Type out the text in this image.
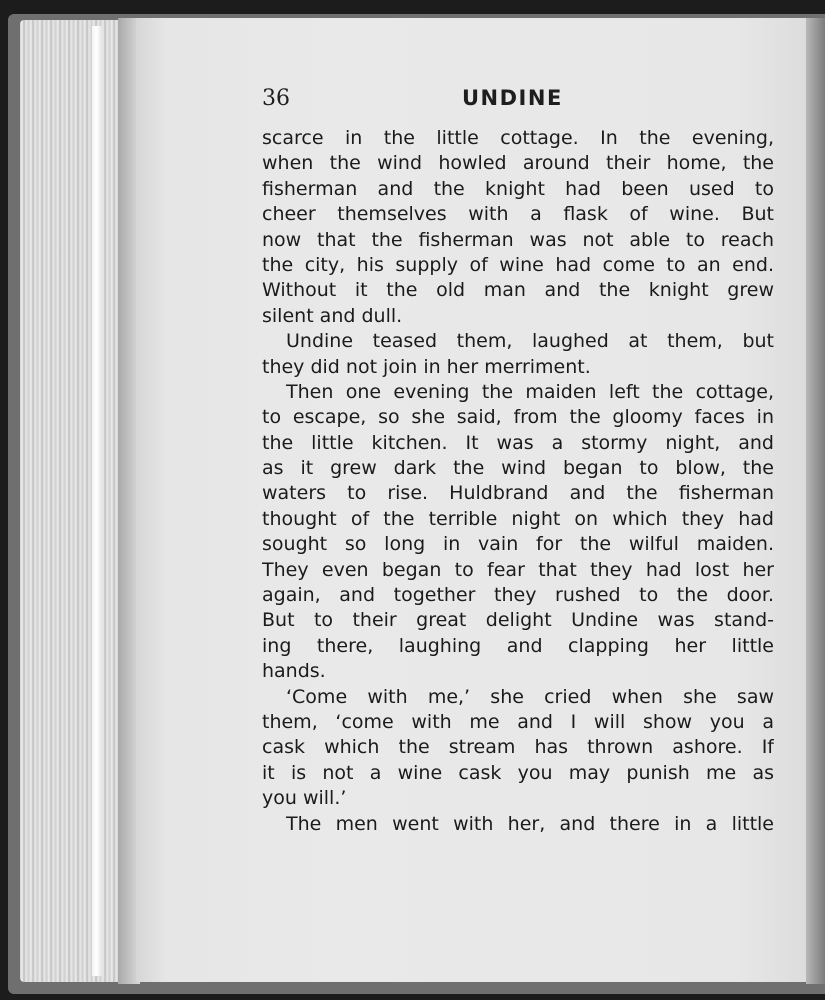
36	UNDINE
scarce in the little cottage. In the evening,
when the wind howled around their home, the
fisherman and the knight had been used to
cheer themselves with a flask of wine. But
now that the fisherman was not able to reach
the city, his supply of wine had come to an end.
Without it the old man and the knight grew
silent and dull.
Undine teased them, laughed at them, but
they did not join in her merriment.
Then one evening the maiden left the cottage,
to escape, so she said, from the gloomy faces in
the little kitchen. It was a stormy night, and
as it grew dark the wind began to blow, the
waters to rise. Huldbrand and the fisherman
thought of the terrible night on which they had
sought so long in vain for the wilful maiden.
They even began to fear that they had lost her
again, and together they rushed to the door.
But to their great delight Undine was stand-
ing there, laughing and clapping her little
hands.
‘Come with me,’ she cried when she saw
them, ‘come with me and I will show you a
cask which the stream has thrown ashore. If
it is not a wine cask you may punish me as
you will.’
The men went with her, and there in a little
